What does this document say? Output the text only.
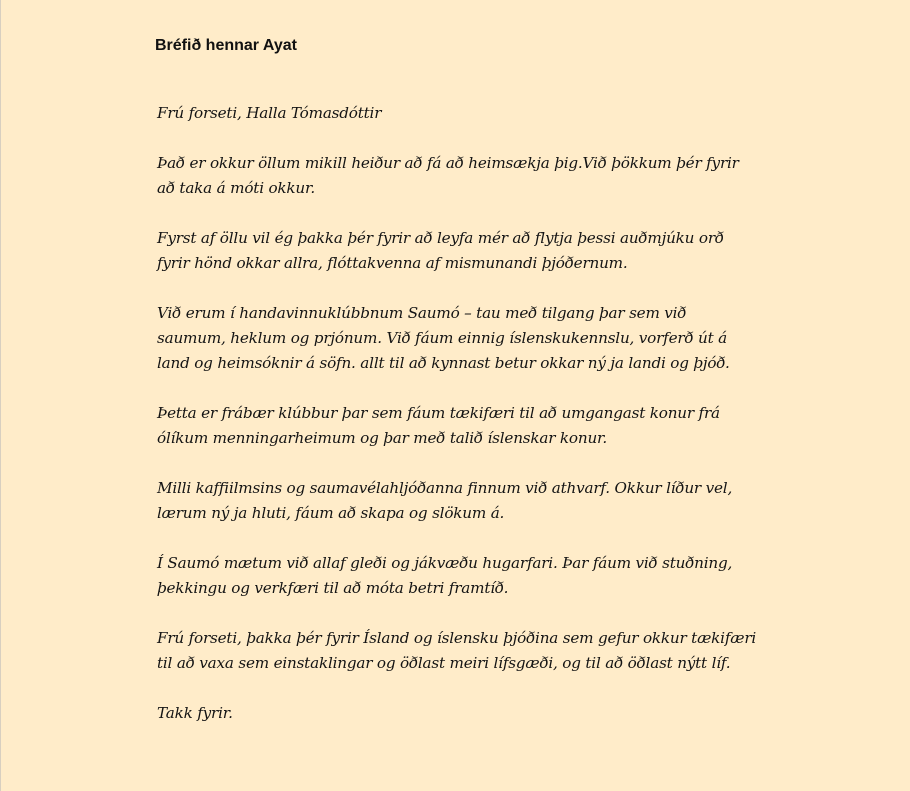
Bréfið hennar Ayat
Frú forseti, Halla Tómasdóttir
Það er okkur öllum mikill heiður að fá að heimsækja þig.Við þökkum þér fyrir
að taka á móti okkur.
Fyrst af öllu vil ég þakka þér fyrir að leyfa mér að flytja þessi auðmjúku orð
fyrir hönd okkar allra, flóttakvenna af mismunandi þjóðernum.
Við erum í handavinnuklúbbnum Saumó – tau með tilgang þar sem við
saumum, heklum og prjónum. Við fáum einnig íslenskukennslu, vorferð út á
land og heimsóknir á söfn. allt til að kynnast betur okkar ný ja landi og þjóð.
Þetta er frábær klúbbur þar sem fáum tækifæri til að umgangast konur frá
ólíkum menningarheimum og þar með talið íslenskar konur.
Milli kaffiilmsins og saumavélahljóðanna finnum við athvarf. Okkur líður vel,
lærum ný ja hluti, fáum að skapa og slökum á.
Í Saumó mætum við allaf gleði og jákvæðu hugarfari. Þar fáum við stuðning,
þekkingu og verkfæri til að móta betri framtíð.
Frú forseti, þakka þér fyrir Ísland og íslensku þjóðina sem gefur okkur tækifæri
til að vaxa sem einstaklingar og öðlast meiri lífsgæði, og til að öðlast nýtt líf.
Takk fyrir.
